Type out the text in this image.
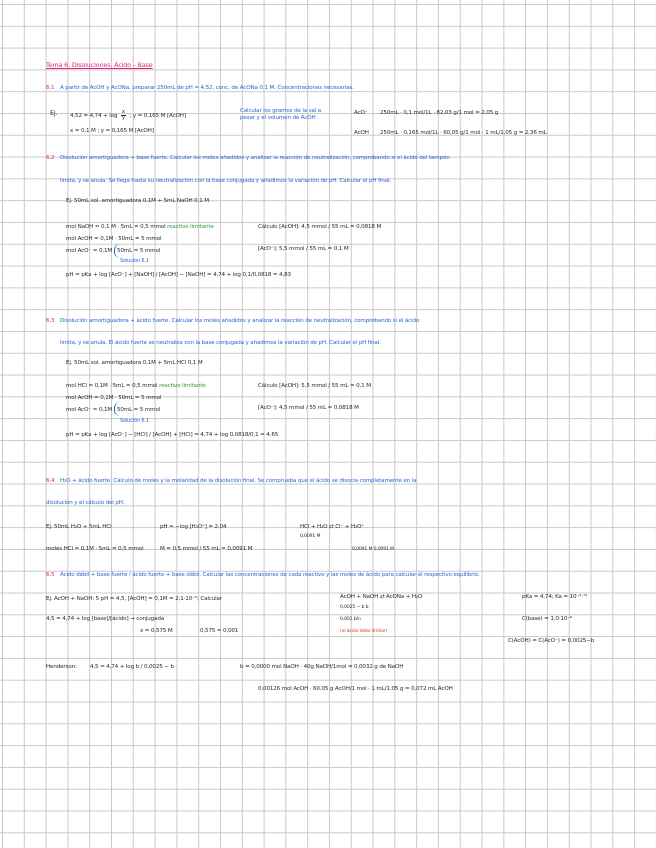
Tema 6. Disoluciones. Ácido – Base
6.1 A partir de AcOH y AcONa, preparar 250mL de pH = 4,52, conc. de AcONa 0,1 M. Concentraciones necesarias.
Ej. $4,52 = 4,74 + \log \frac{x}{y}$ ; y = 0,165 M [AcOH]
Calcular los gramos de la sal a pesar y el volumen de AcOH
x = 0,1 M ; y = 0,165 M [AcOH]
AcO⁻ 250mL · 0,1 mol/1L · 82,03 g/1 mol = 2,05 g
AcOH 250mL · 0,165 mol/1L · 60,05 g/1 mol · 1 mL/1,05 g = 2,36 mL
6.2 Disolución amortiguadora + base fuerte. Calcular los moles añadidos y analizar la reacción de neutralización, comprobando si el ácido del tampón
limita, y se anula. Se llega hasta su neutralización con la base conjugada y añadimos la variación de pH. Calcular el pH final.
Ej. 50mL sol. amortiguadora 0,1M + 5mL NaOH 0,1 M
mol NaOH = 0,1 M · 5mL = 0,5 mmol reactivo limitante	Cálculo [AcOH]: 4,5 mmol / 55 mL = 0,0818 M
mol AcOH = 0,1M · 50mL = 5 mmol
mol AcO⁻ = 0,1M · 50mL = 5 mmol	[AcO⁻]: 5,5 mmol / 55 mL = 0,1 M
Solución 6.1
pH = pKa + log [AcO⁻] + [NaOH] / [AcOH] − [NaOH] = 4,74 + log 0,1/0,0818 = 4,83
6.3 Disolución amortiguadora + ácido fuerte. Calcular los moles añadidos y analizar la reacción de neutralización, comprobando si el ácido
limita, y se anula. El ácido fuerte se neutraliza con la base conjugada y añadimos la variación de pH. Calcular el pH final.
Ej. 50mL sol. amortiguadora 0,1M + 5mL HCl 0,1 M
mol HCl = 0,1M · 5mL = 0,5 mmol reactivo limitante	Cálculo [AcOH]: 5,5 mmol / 55 mL = 0,1 M
mol AcOH = 0,1M · 50mL = 5 mmol
mol AcO⁻ = 0,1M · 50mL = 5 mmol	[AcO⁻]: 4,5 mmol / 55 mL = 0,0818 M
Solución 6.1
pH = pKa + log [AcO⁻] − [HCl] / [AcOH] + [HCl] = 4,74 + log 0,0818/0,1 = 4,65
6.4 H₂O + ácido fuerte. Cálculo de moles y la molaridad de la disolución final. Se comprueba que el ácido se disocia completamente en la
disolución y el cálculo del pH.
Ej. 50mL H₂O + 5mL HCl	pH = −log [H₃O⁺] = 2,04	HCl + H₂O ⇄ Cl⁻ + H₃O⁺
0,0091 M
moles HCl = 0,1M · 5mL = 0,5 mmol	M = 0,5 mmol / 55 mL = 0,0091 M	0,0091 M 0,0091 M
6.5 Ácido débil + base fuerte / ácido fuerte + base débil. Calcular las concentraciones de cada reactivo y las moles de ácido para calcular el respectivo equilibrio.
Ej. AcOH + NaOH: 5 pH = 4,5, [AcOH] = 0,1M = 2,1·10⁻⁵; Calcular	AcOH + NaOH ⇄ AcONa + H₂O	pKa = 4,74; Ka = 10⁻⁴·⁷⁴
0,0025 − b b
4,5 = 4,74 + log [base]/[ácido] → conjugada	0,001 b/n	C(base) = 1,0·10⁻⁶
x = 0,575 M	0,575 = 0,001	(el ácido debe limitar)
C(AcOH) = C(AcO⁻) = 0,0025−b
Henderson: 4,5 = 4,74 + log b / 0,0025 − b	b = 0,0000 mol NaOH · 40g NaOH/1mol = 0,0032 g de NaOH
0,00126 mol AcOH · 60,05 g AcOH/1 mol · 1 mL/1,05 g = 0,072 mL AcOH
